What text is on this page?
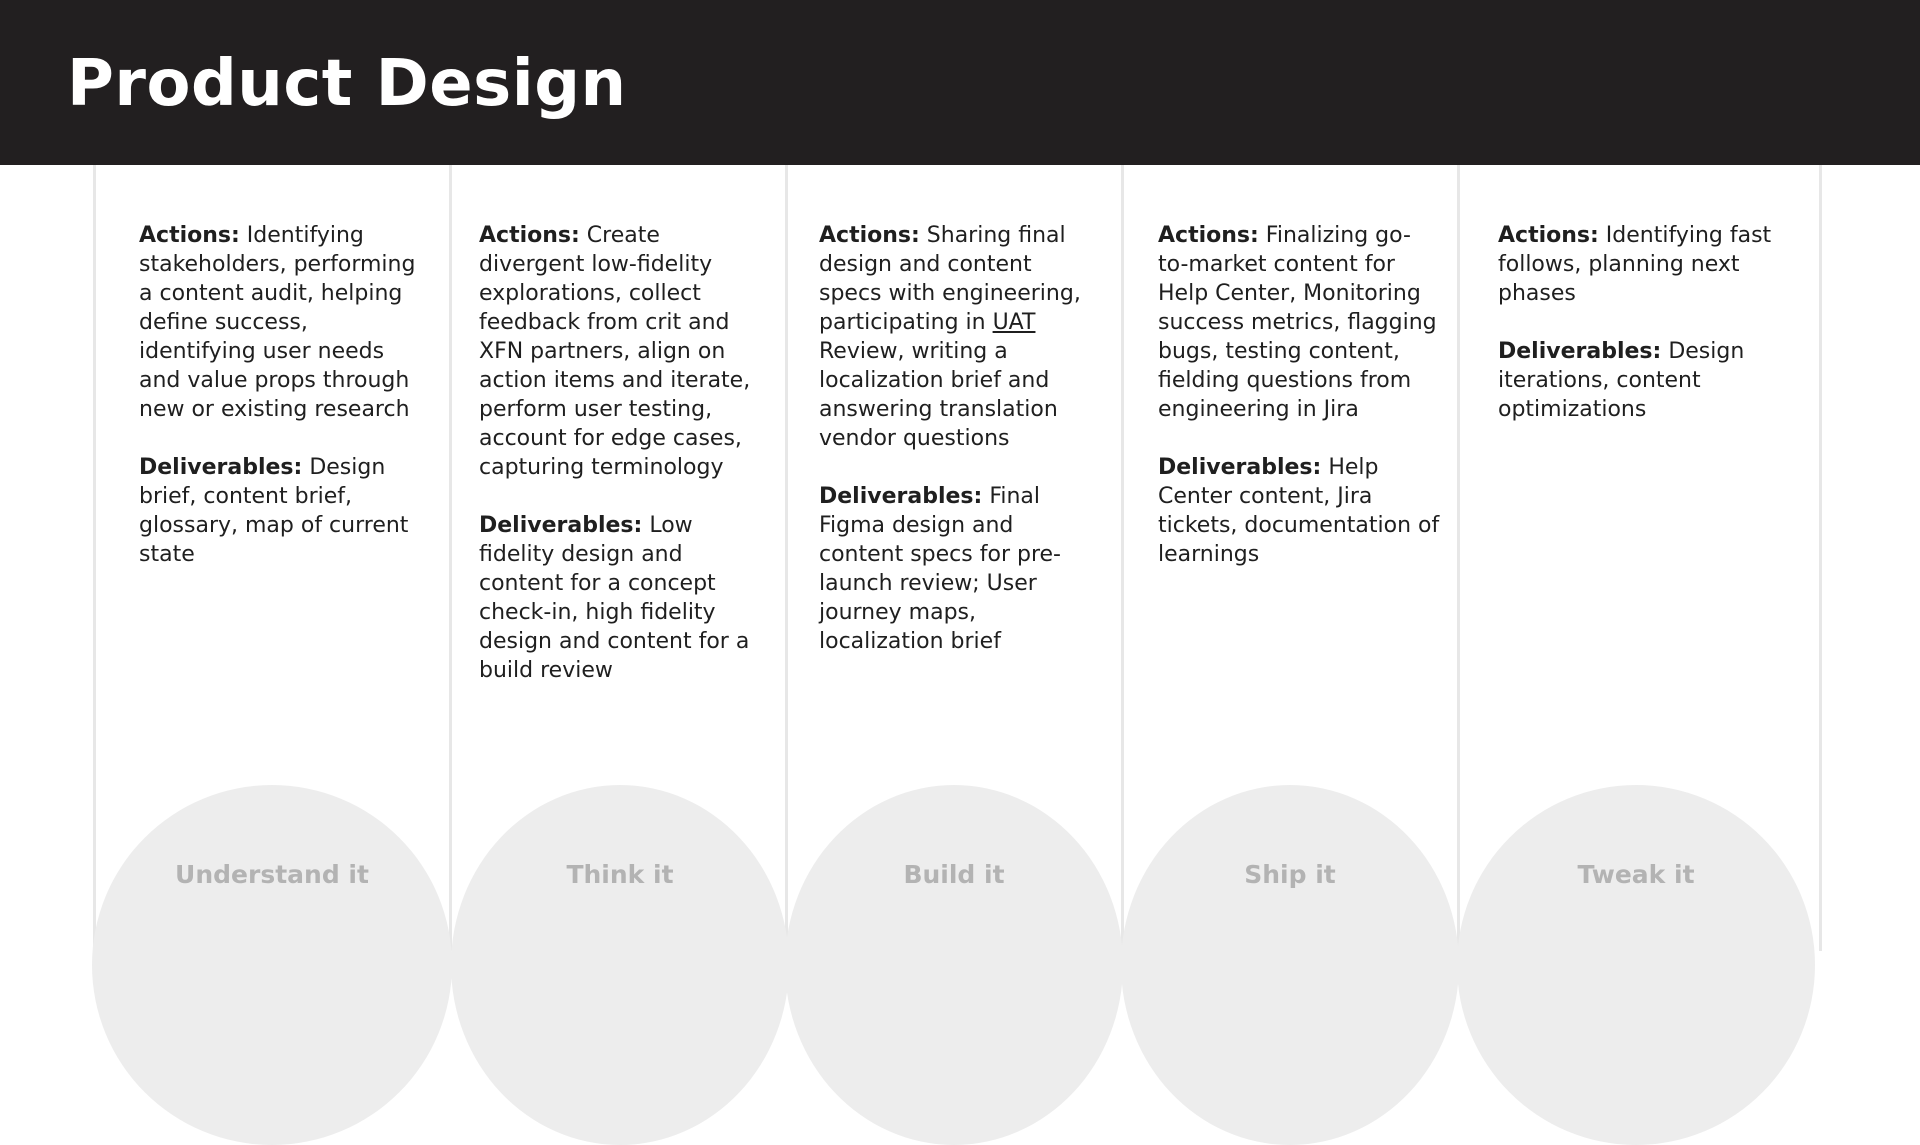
Product Design

Actions: Identifying stakeholders, performing a content audit, helping define success, identifying user needs and value props through new or existing research

Deliverables: Design brief, content brief, glossary, map of current state

Actions: Create divergent low-fidelity explorations, collect feedback from crit and XFN partners, align on action items and iterate, perform user testing, account for edge cases, capturing terminology

Deliverables: Low fidelity design and content for a concept check-in, high fidelity design and content for a build review

Actions: Sharing final design and content specs with engineering, participating in UAT Review, writing a localization brief and answering translation vendor questions

Deliverables: Final Figma design and content specs for pre-launch review; User journey maps, localization brief

Actions: Finalizing go-to-market content for Help Center, Monitoring success metrics, flagging bugs, testing content, fielding questions from engineering in Jira

Deliverables: Help Center content, Jira tickets, documentation of learnings

Actions: Identifying fast follows, planning next phases

Deliverables: Design iterations, content optimizations

Understand it	Think it	Build it	Ship it	Tweak it
